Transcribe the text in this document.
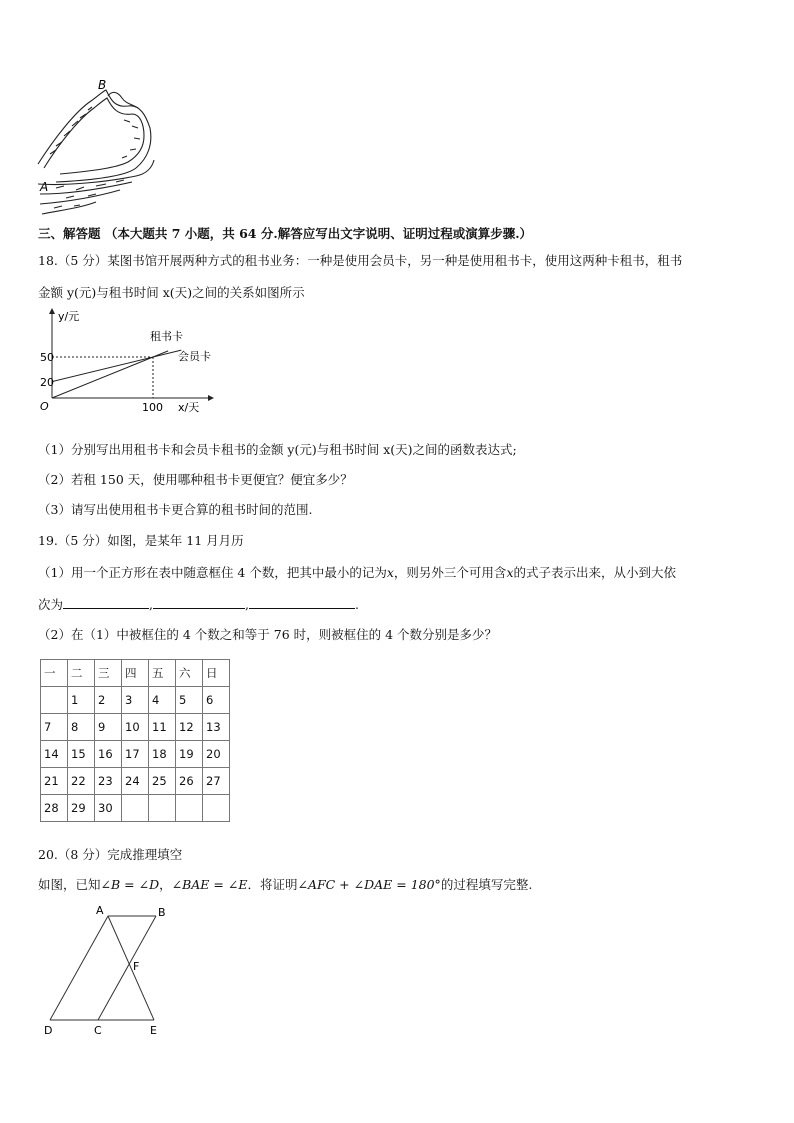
B
A
三、解答题 （本大题共 7 小题，共 64 分.解答应写出文字说明、证明过程或演算步骤.）
18.（5 分）某图书馆开展两种方式的租书业务：一种是使用会员卡，另一种是使用租书卡，使用这两种卡租书，租书
金额 y(元)与租书时间 x(天)之间的关系如图所示
y/元
x/天
O
50
20
100
租书卡
会员卡
（1）分别写出用租书卡和会员卡租书的金额 y(元)与租书时间 x(天)之间的函数表达式;
（2）若租 150 天，使用哪种租书卡更便宜？便宜多少？
（3）请写出使用租书卡更合算的租书时间的范围.
19.（5 分）如图，是某年 11 月月历
（1）用一个正方形在表中随意框住 4 个数，把其中最小的记为x，则另外三个可用含x的式子表示出来，从小到大依
次为	,	,	.
（2）在（1）中被框住的 4 个数之和等于 76 时，则被框住的 4 个数分别是多少？
一	二	三	四	五	六	日
	1	2	3	4	5	6
7	8	9	10	11	12	13
14	15	16	17	18	19	20
21	22	23	24	25	26	27
28	29	30				
20.（8 分）完成推理填空
如图，已知∠B = ∠D，∠BAE = ∠E．将证明∠AFC + ∠DAE = 180°的过程填写完整.
A	B
F
D	C	E
